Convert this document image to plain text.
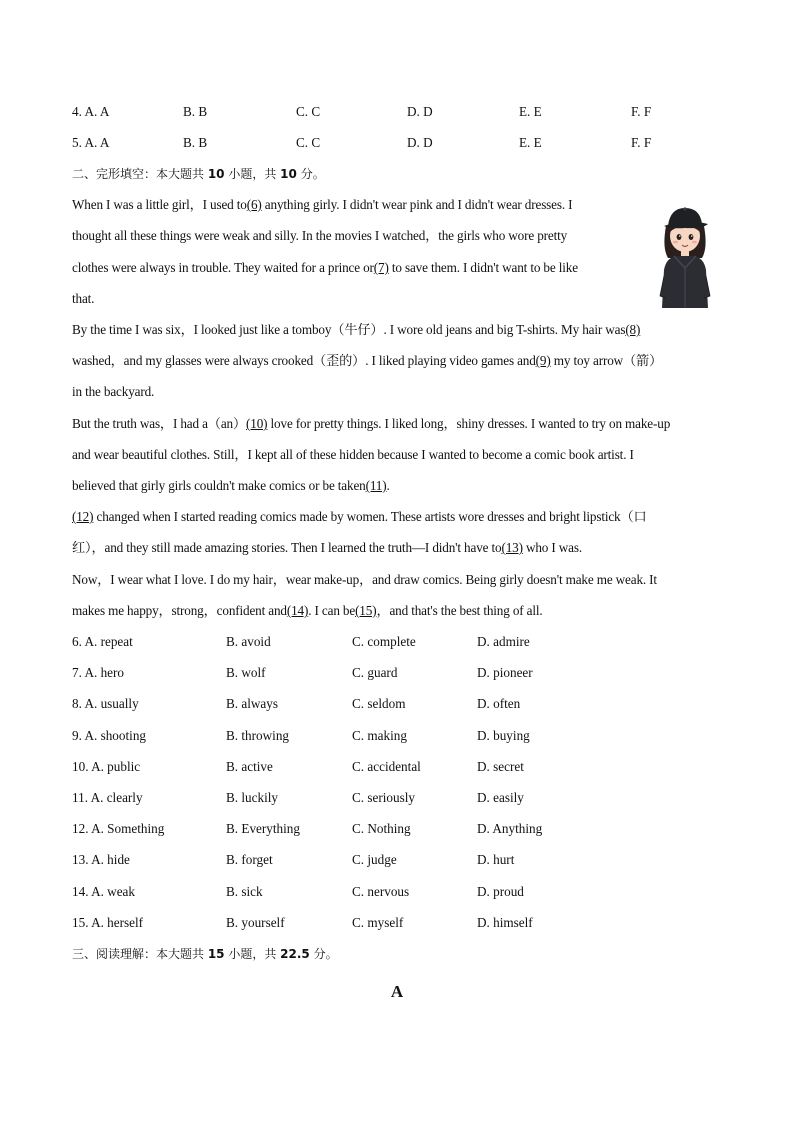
4. A. A	B. B	C. C	D. D	E. E	F. F
5. A. A	B. B	C. C	D. D	E. E	F. F
二、完形填空：本大题共 10 小题，共 10 分。
When I was a little girl，I used to(6) anything girly. I didn't wear pink and I didn't wear dresses. I
thought all these things were weak and silly. In the movies I watched，the girls who wore pretty
clothes were always in trouble. They waited for a prince or(7) to save them. I didn't want to be like
that.
By the time I was six，I looked just like a tomboy（牛仔）. I wore old jeans and big T-shirts. My hair was(8)
washed，and my glasses were always crooked（歪的）. I liked playing video games and(9) my toy arrow（箭）
in the backyard.
But the truth was，I had a（an）(10) love for pretty things. I liked long，shiny dresses. I wanted to try on make-up
and wear beautiful clothes. Still，I kept all of these hidden because I wanted to become a comic book artist. I
believed that girly girls couldn't make comics or be taken(11).
(12) changed when I started reading comics made by women. These artists wore dresses and bright lipstick（口
红），and they still made amazing stories. Then I learned the truth—I didn't have to(13) who I was.
Now，I wear what I love. I do my hair，wear make-up，and draw comics. Being girly doesn't make me weak. It
makes me happy，strong，confident and(14). I can be(15)，and that's the best thing of all.
6. A. repeat	B. avoid	C. complete	D. admire
7. A. hero	B. wolf	C. guard	D. pioneer
8. A. usually	B. always	C. seldom	D. often
9. A. shooting	B. throwing	C. making	D. buying
10. A. public	B. active	C. accidental	D. secret
11. A. clearly	B. luckily	C. seriously	D. easily
12. A. Something	B. Everything	C. Nothing	D. Anything
13. A. hide	B. forget	C. judge	D. hurt
14. A. weak	B. sick	C. nervous	D. proud
15. A. herself	B. yourself	C. myself	D. himself
三、阅读理解：本大题共 15 小题，共 22.5 分。
A
